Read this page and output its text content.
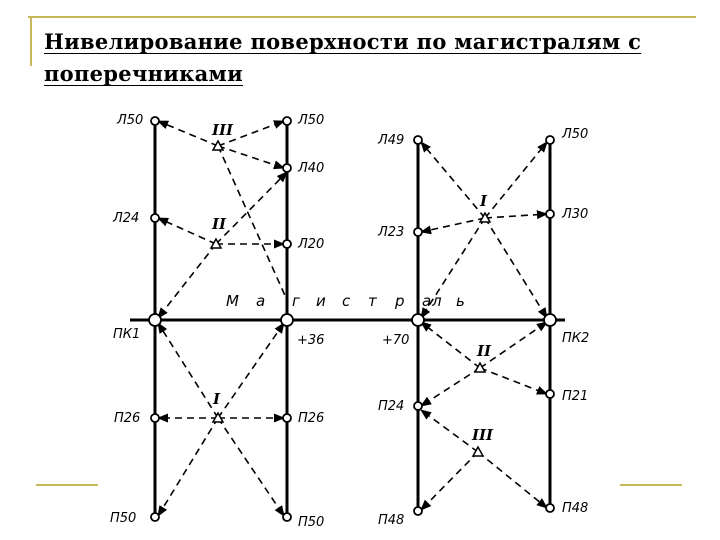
Нивелирование поверхности по магистралям с поперечниками
М а г и с т р а л ь
Л50
Л24
ПК1
П26
П50
Л50
Л40
Л20
+36
П26
П50
Л49
Л23
+70
П24
П48
Л50
Л30
ПК2
П21
П48
III
II
I
I
II
III
